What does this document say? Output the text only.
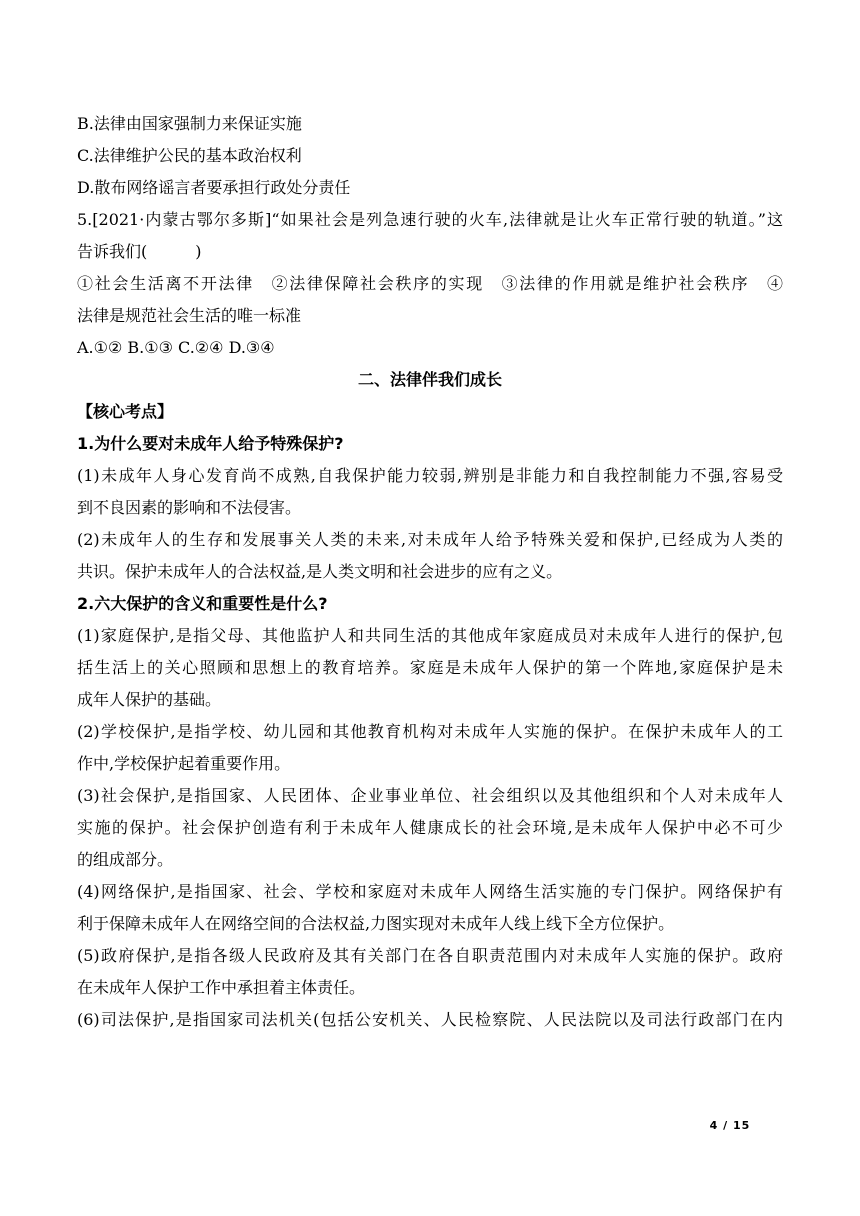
B.法律由国家强制力来保证实施
C.法律维护公民的基本政治权利
D.散布网络谣言者要承担行政处分责任
5.[2021·内蒙古鄂尔多斯]“如果社会是列急速行驶的火车,法律就是让火车正常行驶的轨道。”这
告诉我们(　　　)
①社会生活离不开法律　②法律保障社会秩序的实现　③法律的作用就是维护社会秩序　④
法律是规范社会生活的唯一标准
A.①② B.①③ C.②④ D.③④
二、法律伴我们成长
【核心考点】
1.为什么要对未成年人给予特殊保护?
(1)未成年人身心发育尚不成熟,自我保护能力较弱,辨别是非能力和自我控制能力不强,容易受
到不良因素的影响和不法侵害。
(2)未成年人的生存和发展事关人类的未来,对未成年人给予特殊关爱和保护,已经成为人类的
共识。保护未成年人的合法权益,是人类文明和社会进步的应有之义。
2.六大保护的含义和重要性是什么?
(1)家庭保护,是指父母、其他监护人和共同生活的其他成年家庭成员对未成年人进行的保护,包
括生活上的关心照顾和思想上的教育培养。家庭是未成年人保护的第一个阵地,家庭保护是未
成年人保护的基础。
(2)学校保护,是指学校、幼儿园和其他教育机构对未成年人实施的保护。在保护未成年人的工
作中,学校保护起着重要作用。
(3)社会保护,是指国家、人民团体、企业事业单位、社会组织以及其他组织和个人对未成年人
实施的保护。社会保护创造有利于未成年人健康成长的社会环境,是未成年人保护中必不可少
的组成部分。
(4)网络保护,是指国家、社会、学校和家庭对未成年人网络生活实施的专门保护。网络保护有
利于保障未成年人在网络空间的合法权益,力图实现对未成年人线上线下全方位保护。
(5)政府保护,是指各级人民政府及其有关部门在各自职责范围内对未成年人实施的保护。政府
在未成年人保护工作中承担着主体责任。
(6)司法保护,是指国家司法机关(包括公安机关、人民检察院、人民法院以及司法行政部门在内
4 / 15
